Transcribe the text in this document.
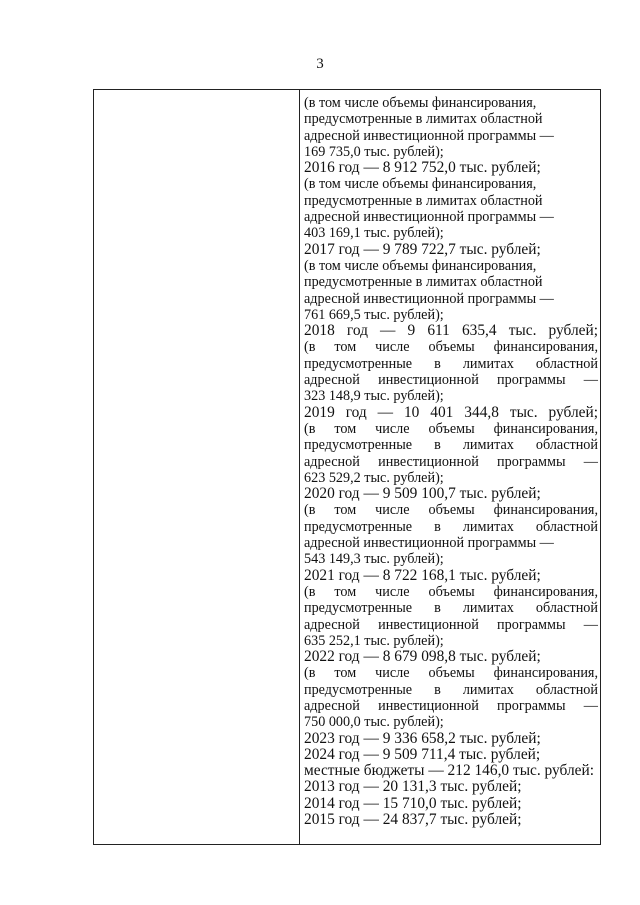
3
(в том числе объемы финансирования,
предусмотренные в лимитах областной
адресной инвестиционной программы —
169 735,0 тыс. рублей);
2016 год — 8 912 752,0 тыс. рублей;
(в том числе объемы финансирования,
предусмотренные в лимитах областной
адресной инвестиционной программы —
403 169,1 тыс. рублей);
2017 год — 9 789 722,7 тыс. рублей;
(в том числе объемы финансирования,
предусмотренные в лимитах областной
адресной инвестиционной программы —
761 669,5 тыс. рублей);
2018 год — 9 611 635,4 тыс. рублей;
(в том числе объемы финансирования,
предусмотренные в лимитах областной
адресной инвестиционной программы —
323 148,9 тыс. рублей);
2019 год — 10 401 344,8 тыс. рублей;
(в том числе объемы финансирования,
предусмотренные в лимитах областной
адресной инвестиционной программы —
623 529,2 тыс. рублей);
2020 год — 9 509 100,7 тыс. рублей;
(в том числе объемы финансирования,
предусмотренные в лимитах областной
адресной инвестиционной программы —
543 149,3 тыс. рублей);
2021 год — 8 722 168,1 тыс. рублей;
(в том числе объемы финансирования,
предусмотренные в лимитах областной
адресной инвестиционной программы —
635 252,1 тыс. рублей);
2022 год — 8 679 098,8 тыс. рублей;
(в том числе объемы финансирования,
предусмотренные в лимитах областной
адресной инвестиционной программы —
750 000,0 тыс. рублей);
2023 год — 9 336 658,2 тыс. рублей;
2024 год — 9 509 711,4 тыс. рублей;
местные бюджеты — 212 146,0 тыс. рублей:
2013 год — 20 131,3 тыс. рублей;
2014 год — 15 710,0 тыс. рублей;
2015 год — 24 837,7 тыс. рублей;
